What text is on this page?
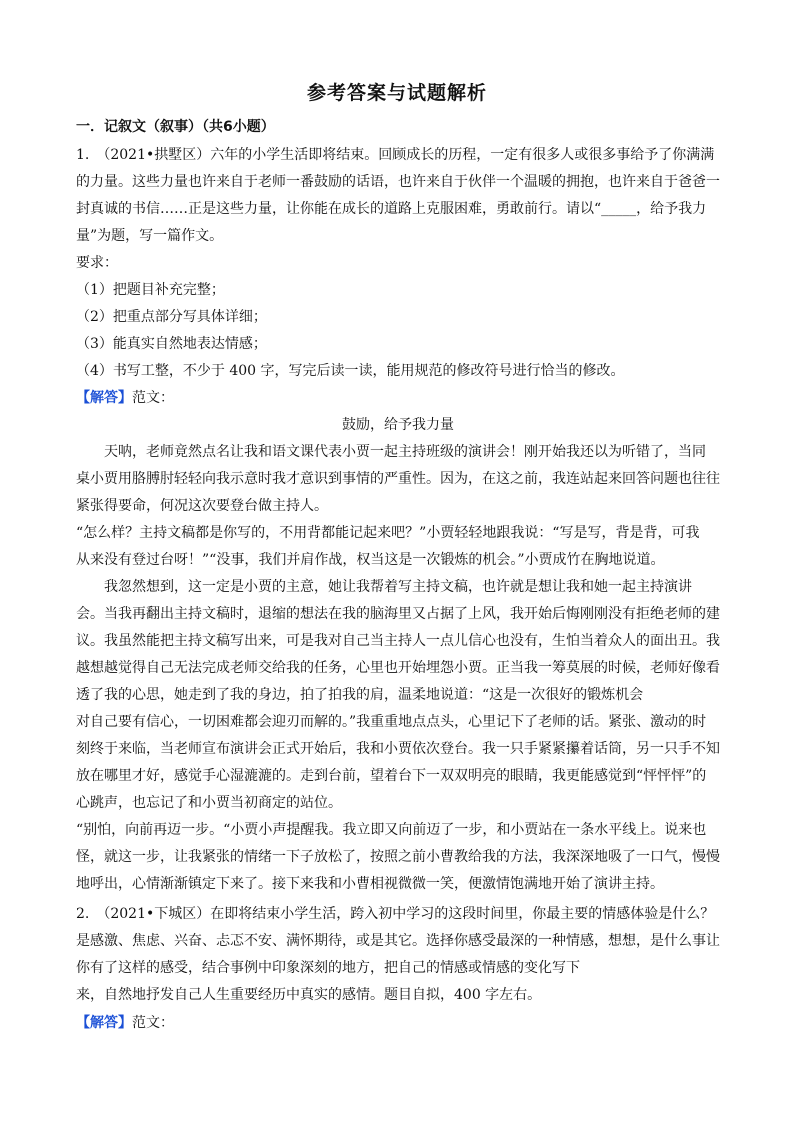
参考答案与试题解析
一．记叙文（叙事）（共6小题）
1.　（2021•拱墅区）六年的小学生活即将结束。回顾成长的历程，一定有很多人或很多事给予了你满满
的力量。这些力量也许来自于老师一番鼓励的话语，也许来自于伙伴一个温暖的拥抱，也许来自于爸爸一
封真诚的书信……正是这些力量，让你能在成长的道路上克服困难，勇敢前行。请以“_____，给予我力
量”为题，写一篇作文。
要求：
（1）把题目补充完整；
（2）把重点部分写具体详细；
（3）能真实自然地表达情感；
（4）书写工整，不少于 400 字，写完后读一读，能用规范的修改符号进行恰当的修改。
【解答】范文：
鼓励，给予我力量
　　天呐，老师竟然点名让我和语文课代表小贾一起主持班级的演讲会！刚开始我还以为听错了，当同
桌小贾用胳膊肘轻轻向我示意时我才意识到事情的严重性。因为，在这之前，我连站起来回答问题也往往
紧张得要命，何况这次要登台做主持人。
“怎么样？主持文稿都是你写的，不用背都能记起来吧？”小贾轻轻地跟我说：“写是写，背是背，可我
从来没有登过台呀！”“没事，我们并肩作战，权当这是一次锻炼的机会。”小贾成竹在胸地说道。
　　我忽然想到，这一定是小贾的主意，她让我帮着写主持文稿，也许就是想让我和她一起主持演讲
会。当我再翻出主持文稿时，退缩的想法在我的脑海里又占据了上风，我开始后悔刚刚没有拒绝老师的建
议。我虽然能把主持文稿写出来，可是我对自己当主持人一点儿信心也没有，生怕当着众人的面出丑。我
越想越觉得自己无法完成老师交给我的任务，心里也开始埋怨小贾。正当我一筹莫展的时候，老师好像看
透了我的心思，她走到了我的身边，拍了拍我的肩，温柔地说道：“这是一次很好的锻炼机会
对自己要有信心，一切困难都会迎刃而解的。”我重重地点点头，心里记下了老师的话。紧张、激动的时
刻终于来临，当老师宣布演讲会正式开始后，我和小贾依次登台。我一只手紧紧攥着话筒，另一只手不知
放在哪里才好，感觉手心湿漉漉的。走到台前，望着台下一双双明亮的眼睛，我更能感觉到“怦怦怦”的
心跳声，也忘记了和小贾当初商定的站位。
“别怕，向前再迈一步。“小贾小声提醒我。我立即又向前迈了一步，和小贾站在一条水平线上。说来也
怪，就这一步，让我紧张的情绪一下子放松了，按照之前小曹教给我的方法，我深深地吸了一口气，慢慢
地呼出，心情渐渐镇定下来了。接下来我和小曹相视微微一笑，便激情饱满地开始了演讲主持。
2.　（2021•下城区）在即将结束小学生活，跨入初中学习的这段时间里，你最主要的情感体验是什么？
是感激、焦虑、兴奋、忐忑不安、满怀期待，或是其它。选择你感受最深的一种情感，想想，是什么事让
你有了这样的感受，结合事例中印象深刻的地方，把自己的情感或情感的变化写下
来，自然地抒发自己人生重要经历中真实的感情。题目自拟，400 字左右。
【解答】范文：
